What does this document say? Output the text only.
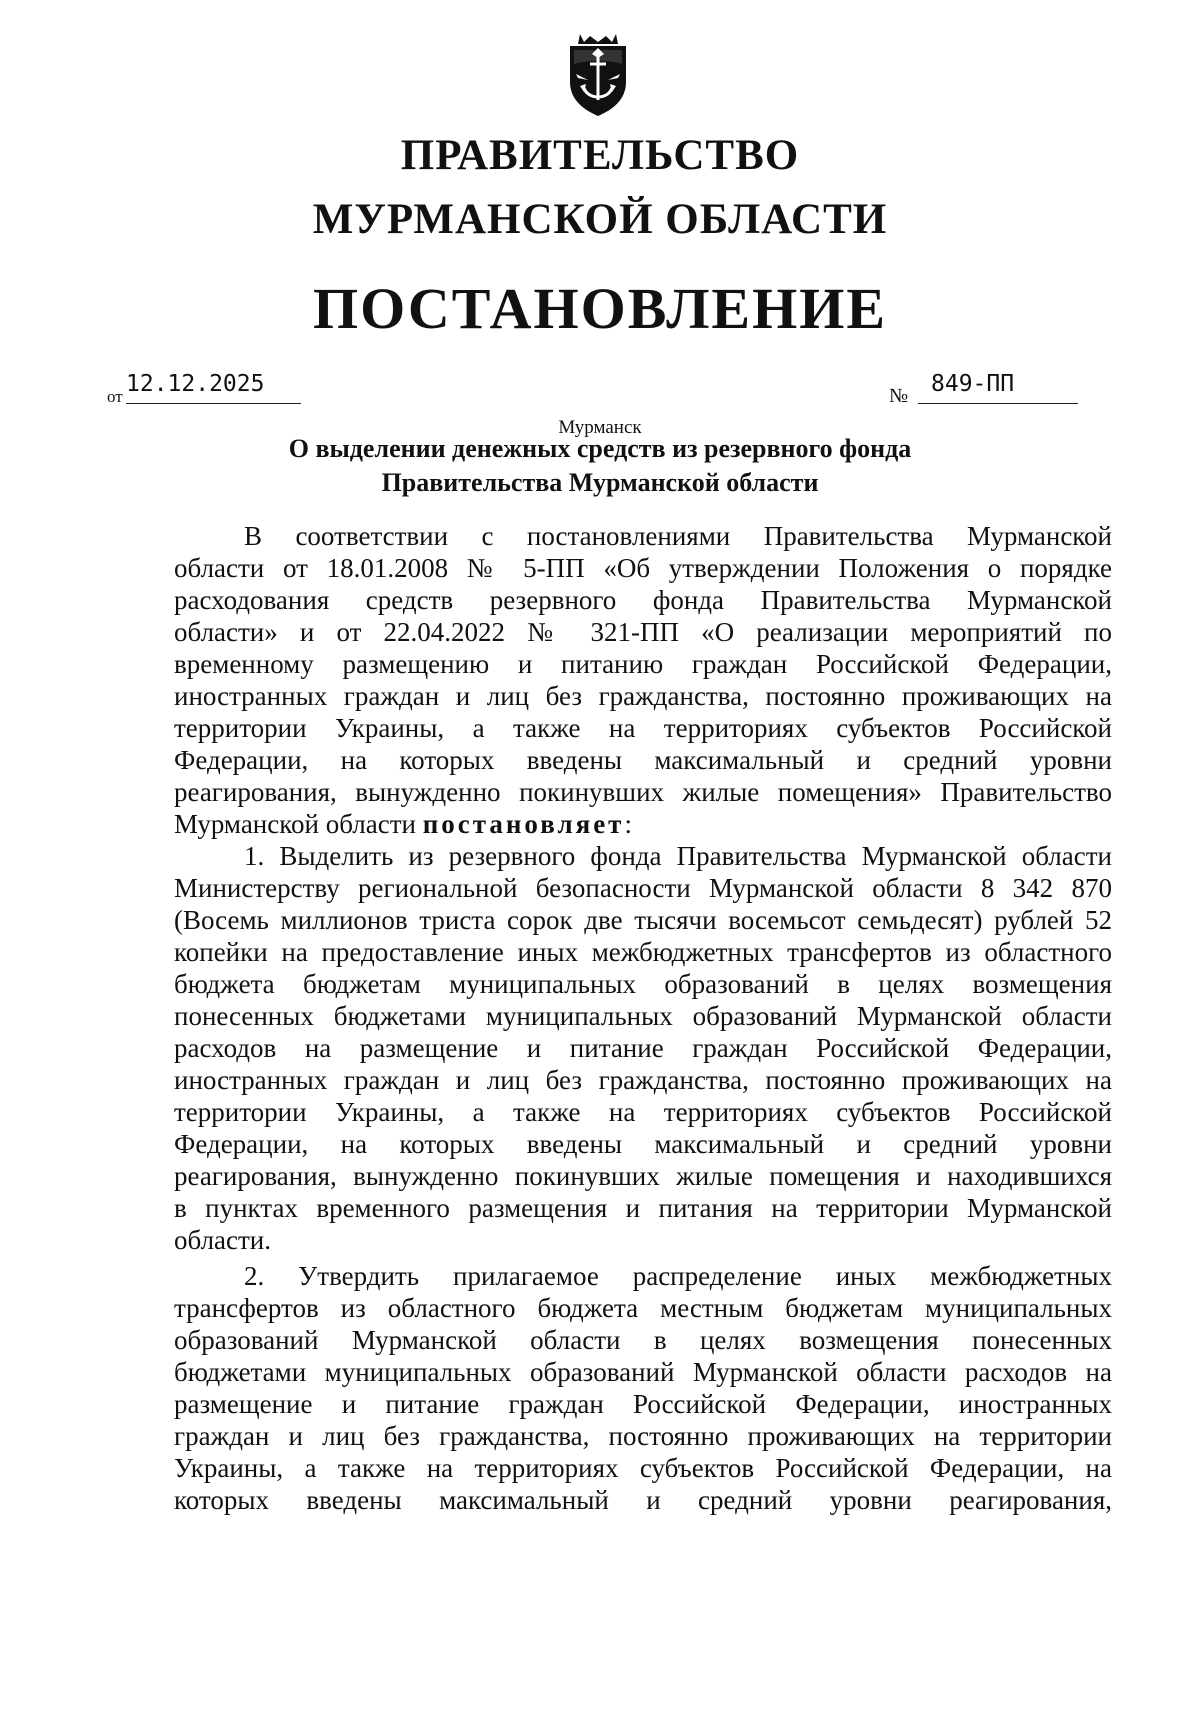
ПРАВИТЕЛЬСТВО
МУРМАНСКОЙ ОБЛАСТИ
ПОСТАНОВЛЕНИЕ
от 12.12.2025	№ 849-ПП
Мурманск
О выделении денежных средств из резервного фонда
Правительства Мурманской области
В соответствии с постановлениями Правительства Мурманской
области от 18.01.2008 № 5-ПП «Об утверждении Положения о порядке
расходования средств резервного фонда Правительства Мурманской
области» и от 22.04.2022 № 321-ПП «О реализации мероприятий по
временному размещению и питанию граждан Российской Федерации,
иностранных граждан и лиц без гражданства, постоянно проживающих на
территории Украины, а также на территориях субъектов Российской
Федерации, на которых введены максимальный и средний уровни
реагирования, вынужденно покинувших жилые помещения» Правительство
Мурманской области постановляет:
1. Выделить из резервного фонда Правительства Мурманской области
Министерству региональной безопасности Мурманской области 8 342 870
(Восемь миллионов триста сорок две тысячи восемьсот семьдесят) рублей 52
копейки на предоставление иных межбюджетных трансфертов из областного
бюджета бюджетам муниципальных образований в целях возмещения
понесенных бюджетами муниципальных образований Мурманской области
расходов на размещение и питание граждан Российской Федерации,
иностранных граждан и лиц без гражданства, постоянно проживающих на
территории Украины, а также на территориях субъектов Российской
Федерации, на которых введены максимальный и средний уровни
реагирования, вынужденно покинувших жилые помещения и находившихся
в пунктах временного размещения и питания на территории Мурманской
области.
2. Утвердить прилагаемое распределение иных межбюджетных
трансфертов из областного бюджета местным бюджетам муниципальных
образований Мурманской области в целях возмещения понесенных
бюджетами муниципальных образований Мурманской области расходов на
размещение и питание граждан Российской Федерации, иностранных
граждан и лиц без гражданства, постоянно проживающих на территории
Украины, а также на территориях субъектов Российской Федерации, на
которых введены максимальный и средний уровни реагирования,
